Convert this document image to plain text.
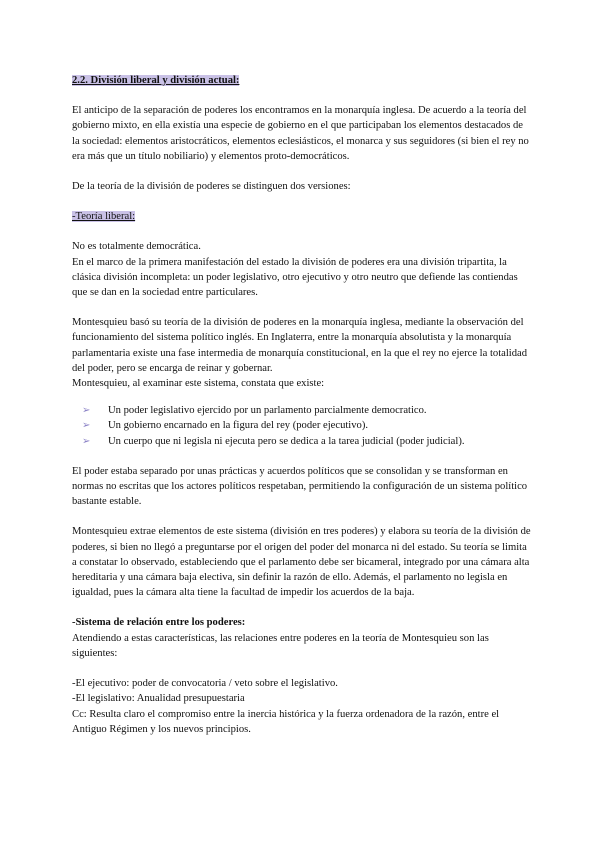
2.2. División liberal y división actual:

El anticipo de la separación de poderes los encontramos en la monarquía inglesa. De acuerdo a la teoría del gobierno mixto, en ella existía una especie de gobierno en el que participaban los elementos destacados de la sociedad: elementos aristocráticos, elementos eclesiásticos, el monarca y sus seguidores (si bien el rey no era más que un título nobiliario) y elementos proto-democráticos.

De la teoría de la división de poderes se distinguen dos versiones:

-Teoría liberal:

No es totalmente democrática.

En el marco de la primera manifestación del estado la división de poderes era una división tripartita, la clásica división incompleta: un poder legislativo, otro ejecutivo y otro neutro que defiende las contiendas que se dan en la sociedad entre particulares.

Montesquieu basó su teoría de la división de poderes en la monarquía inglesa, mediante la observación del funcionamiento del sistema político inglés. En Inglaterra, entre la monarquía absolutista y la monarquía parlamentaria existe una fase intermedia de monarquía constitucional, en la que el rey no ejerce la totalidad del poder, pero se encarga de reinar y gobernar.

Montesquieu, al examinar este sistema, constata que existe:

➢ Un poder legislativo ejercido por un parlamento parcialmente democratico.
➢ Un gobierno encarnado en la figura del rey (poder ejecutivo).
➢ Un cuerpo que ni legisla ni ejecuta pero se dedica a la tarea judicial (poder judicial).

El poder estaba separado por unas prácticas y acuerdos políticos que se consolidan y se transforman en normas no escritas que los actores políticos respetaban, permitiendo la configuración de un sistema político bastante estable.

Montesquieu extrae elementos de este sistema (división en tres poderes) y elabora su teoría de la división de poderes, si bien no llegó a preguntarse por el origen del poder del monarca ni del estado. Su teoría se limita a constatar lo observado, estableciendo que el parlamento debe ser bicameral, integrado por una cámara alta hereditaria y una cámara baja electiva, sin definir la razón de ello. Además, el parlamento no legisla en igualdad, pues la cámara alta tiene la facultad de impedir los acuerdos de la baja.

-Sistema de relación entre los poderes:

Atendiendo a estas características, las relaciones entre poderes en la teoría de Montesquieu son las siguientes:

-El ejecutivo: poder de convocatoria / veto sobre el legislativo.

-El legislativo: Anualidad presupuestaria

Cc: Resulta claro el compromiso entre la inercia histórica y la fuerza ordenadora de la razón, entre el Antiguo Régimen y los nuevos principios.
